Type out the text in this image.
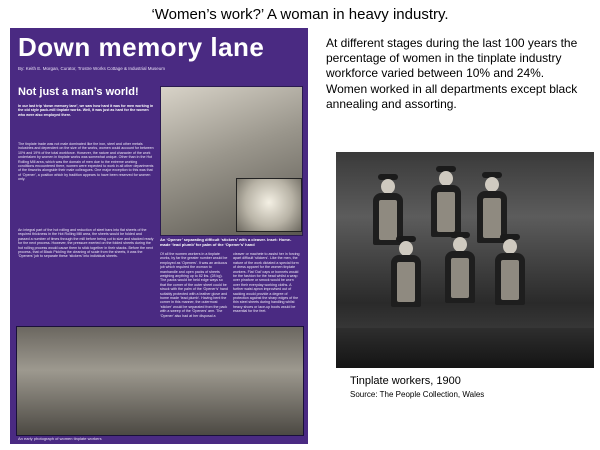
‘Women’s work?’ A woman in heavy industry.
Down memory lane
By: Keith E. Morgan, Curator, Trostre Works Cottage & Industrial Museum
Not just a man’s world!
In our last trip ‘down memory lane’, we saw how hard it was for men working in the old style pack-mill tinplate works. Well, it was just as hard for the women who were also employed there.
The tinplate trade was not male dominated like the iron, steel and other metals industries and dependent on the size of the works, women could account for between 10% and 19% of the total workforce. However, the nature and character of the work undertaken by women in tinplate works was somewhat unique. Other than in the Hot Rolling Mill area, which was the domain of men due to the extreme working conditions encountered there, women were expected to work in all other departments of the tinworks alongside their male colleagues. One major exception to this was that of ‘Opener’, a position which by tradition appears to have been reserved for women only.
An integral part of the hot rolling and reduction of steel bars into flat sheets of the required thickness in the Hot Rolling Mill area, the sheets would be folded and passed a number of times through the mill before being cut to size and stacked ready for the next process. However, the pressure exerted on the folded sheets during the hot rolling process would cause them to stick together in their stacks. Before the next process, that of Black Pickling the cleaning of scale from the sheets, it was the ‘Openers’ job to separate these ‘stickers’ into individual sheets.
An ‘Opener’ separating difficult ‘stickers’ with a cleaver. Inset: Home-made ‘lead plumb’ for palm of the ‘Opener’s’ hand
Of all the women workers in a tinplate works, by far the greater number would be employed as ‘Openers’. It was an arduous job which required the woman to manhandle and open packs of sheets weighing anything up to 82 lbs. (28 kg). The packs would be held edge ways so that the corner of the outer sheet could be struck with the palm of the ‘Opener’s’ hand suitably protected with a leather glove and home made ‘lead plumb’. Having bent the corner in this manner, the outermost ‘sticker’ would be separated from the pack with a sweep of the ‘Openers’ arm. The ‘Opener’ also had at her disposal a
cleaver or machete to assist her in forcing apart difficult ‘stickers’. Like the men, the nature of the work dictated a special form of dress apparel for the women tinplate workers. Flat ‘Dai’ caps or bonnets would be the fashion for the head whilst a wrap over pinafore or smock would be worn over their everyday working cloths. A further waist apron improvised out of sacking would provide a degree of protection against the sharp edges of the thin steel sheets during handling whilst heavy shoes or lace-up boots would be essential for the feet.
An early photograph of women tinplate workers

At different stages during the last 100 years the percentage of women in the tinplate industry workforce varied between 10% and 24%.

Women worked in all departments except black annealing and assorting.

Tinplate workers, 1900
Source: The People Collection, Wales
